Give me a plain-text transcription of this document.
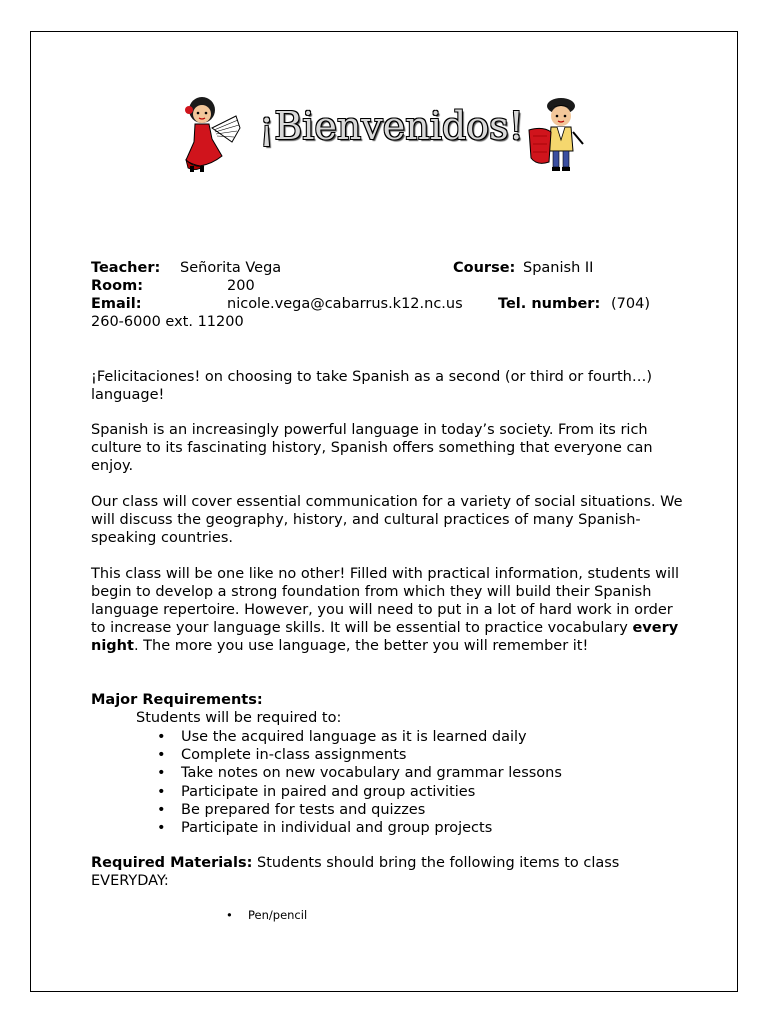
¡Bienvenidos!
Teacher: Señorita Vega	Course: Spanish II
Room:	200
Email:	nicole.vega@cabarrus.k12.nc.us Tel. number: (704)
260-6000 ext. 11200
¡Felicitaciones! on choosing to take Spanish as a second (or third or fourth…) language!
Spanish is an increasingly powerful language in today’s society. From its rich culture to its fascinating history, Spanish offers something that everyone can enjoy.
Our class will cover essential communication for a variety of social situations. We will discuss the geography, history, and cultural practices of many Spanish-speaking countries.
This class will be one like no other! Filled with practical information, students will begin to develop a strong foundation from which they will build their Spanish language repertoire. However, you will need to put in a lot of hard work in order to increase your language skills. It will be essential to practice vocabulary every night. The more you use language, the better you will remember it!
Major Requirements:
Students will be required to:
• Use the acquired language as it is learned daily
• Complete in-class assignments
• Take notes on new vocabulary and grammar lessons
• Participate in paired and group activities
• Be prepared for tests and quizzes
• Participate in individual and group projects
Required Materials: Students should bring the following items to class EVERYDAY:
• Pen/pencil
